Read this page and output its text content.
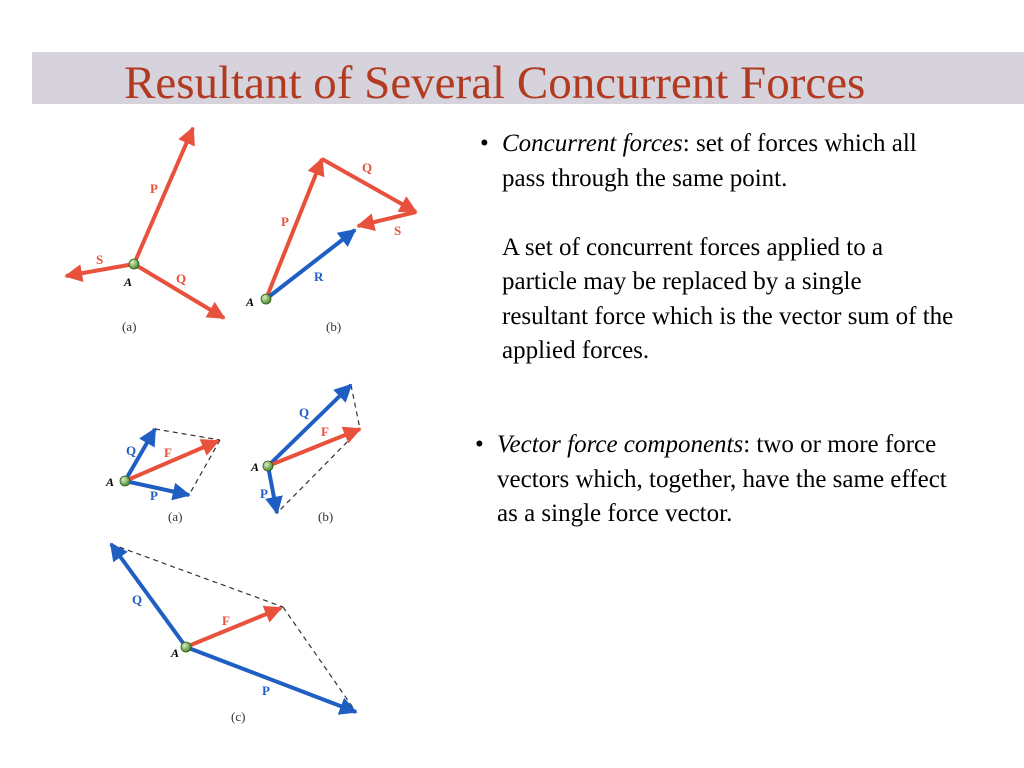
Resultant of Several Concurrent Forces
• Concurrent forces: set of forces which all
pass through the same point.

A set of concurrent forces applied to a
particle may be replaced by a single
resultant force which is the vector sum of the
applied forces.
• Vector force components: two or more force
vectors which, together, have the same effect
as a single force vector.
P
S
Q
A
(a)
P
Q
S
R
A
(b)
Q F
P
A
(a)
Q
F
P
A
(b)
Q
F
P
A
(c)
